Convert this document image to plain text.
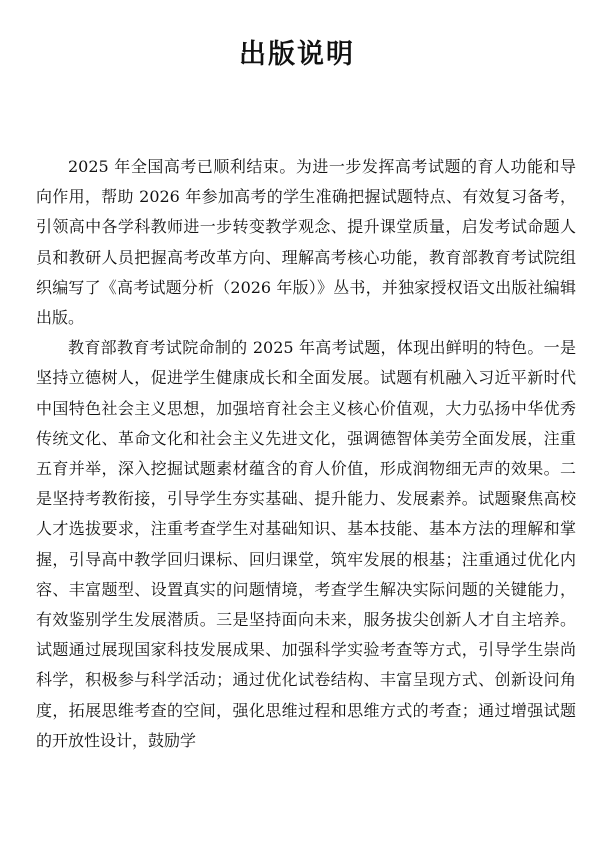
出版说明

2025 年全国高考已顺利结束。为进一步发挥高考试题的育人功能和导向作用，帮助 2026 年参加高考的学生准确把握试题特点、有效复习备考，引领高中各学科教师进一步转变教学观念、提升课堂质量，启发考试命题人员和教研人员把握高考改革方向、理解高考核心功能，教育部教育考试院组织编写了《高考试题分析（2026 年版）》丛书，并独家授权语文出版社编辑出版。

教育部教育考试院命制的 2025 年高考试题，体现出鲜明的特色。一是坚持立德树人，促进学生健康成长和全面发展。试题有机融入习近平新时代中国特色社会主义思想，加强培育社会主义核心价值观，大力弘扬中华优秀传统文化、革命文化和社会主义先进文化，强调德智体美劳全面发展，注重五育并举，深入挖掘试题素材蕴含的育人价值，形成润物细无声的效果。二是坚持考教衔接，引导学生夯实基础、提升能力、发展素养。试题聚焦高校人才选拔要求，注重考查学生对基础知识、基本技能、基本方法的理解和掌握，引导高中教学回归课标、回归课堂，筑牢发展的根基；注重通过优化内容、丰富题型、设置真实的问题情境，考查学生解决实际问题的关键能力，有效鉴别学生发展潜质。三是坚持面向未来，服务拔尖创新人才自主培养。试题通过展现国家科技发展成果、加强科学实验考查等方式，引导学生崇尚科学，积极参与科学活动；通过优化试卷结构、丰富呈现方式、创新设问角度，拓展思维考查的空间，强化思维过程和思维方式的考查；通过增强试题的开放性设计，鼓励学
